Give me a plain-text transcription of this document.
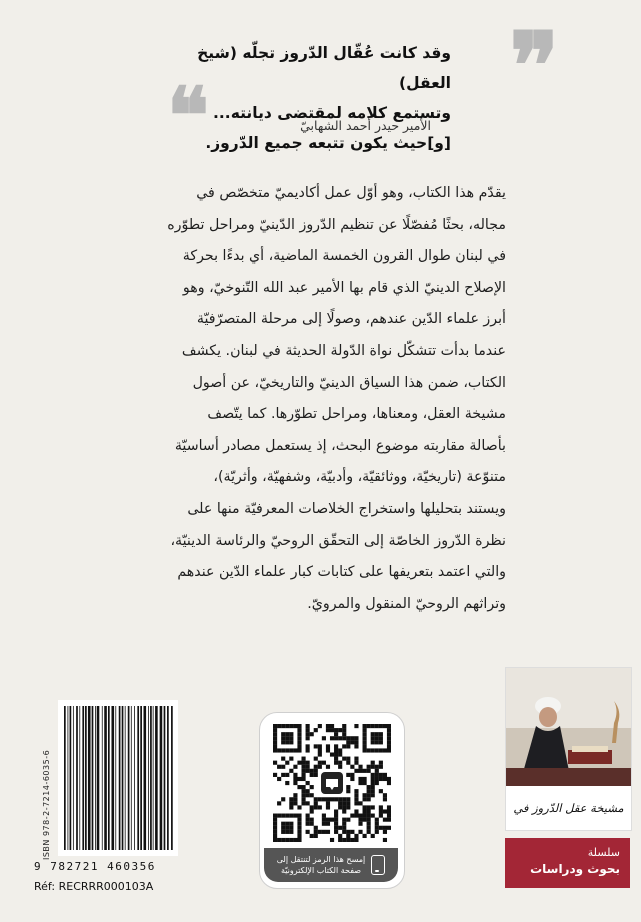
❞
❝
وقد كانت عُقّال الدّروز تجلّه (شيخ العقل)
وتستمع كلامه لمقتضى ديانته...
[و]حيث يكون تتبعه جميع الدّروز.
الأمير حيدر أحمد الشهابيّ
يقدّم هذا الكتاب، وهو أوّل عمل أكاديميّ متخصّص في
مجاله، بحثًا مُفصّلًا عن تنظيم الدّروز الدّينيّ ومراحل تطوّره
في لبنان طوال القرون الخمسة الماضية، أي بدءًا بحركة
الإصلاح الدينيّ الذي قام بها الأمير عبد الله التّنوخيّ، وهو
أبرز علماء الدّين عندهم، وصولًا إلى مرحلة المتصرّفيّة
عندما بدأت تتشكّل نواة الدّولة الحديثة في لبنان. يكشف
الكتاب، ضمن هذا السياق الدينيّ والتاريخيّ، عن أصول
مشيخة العقل، ومعناها، ومراحل تطوّرها. كما يتّصف
بأصالة مقاربته موضوع البحث، إذ يستعمل مصادر أساسيّة
متنوّعة (تاريخيّة، ووثائقيّة، وأدبيّة، وشفهيّة، وأثريّة)،
ويستند بتحليلها واستخراج الخلاصات المعرفيّة منها على
نظرة الدّروز الخاصّة إلى التحقّق الروحيّ والرئاسة الدينيّة،
والتي اعتمد بتعريفها على كتابات كبار علماء الدّين عندهم
وتراثهم الروحيّ المنقول والمرويّ.
ISBN 978-2-7214-6035-6
9 782721 460356
Réf: RECRRR000103A
إمسح هذا الرمز لتنتقل إلى
صفحة الكتاب الإلكترونيّة
مشيخة عقل الدّروز في
سلسلة
بحوث ودراسات
